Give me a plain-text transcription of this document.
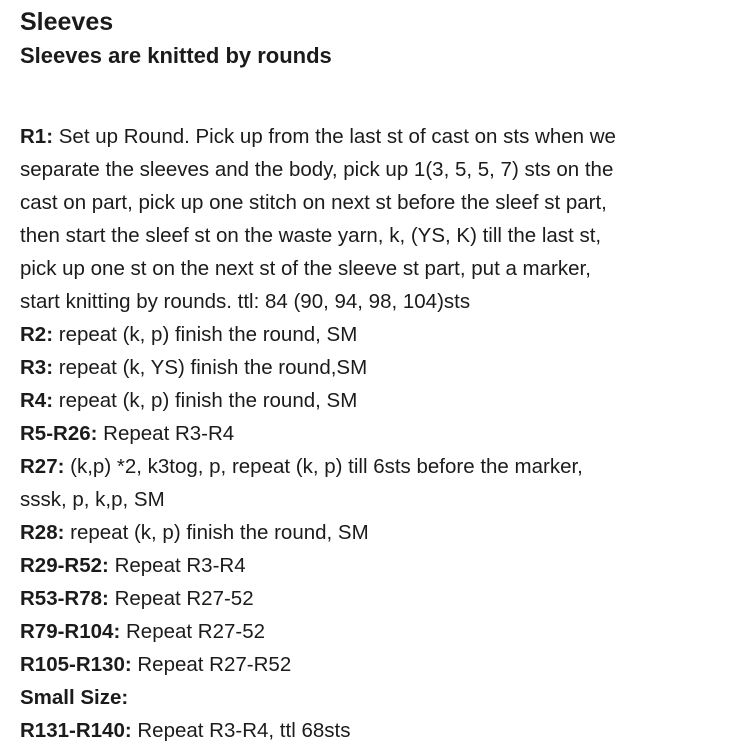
Sleeves
Sleeves are knitted by rounds

R1: Set up Round. Pick up from the last st of cast on sts when we
separate the sleeves and the body, pick up 1(3, 5, 5, 7) sts on the
cast on part, pick up one stitch on next st before the sleef st part,
then start the sleef st on the waste yarn, k, (YS, K) till the last st,
pick up one st on the next st of the sleeve st part, put a marker,
start knitting by rounds. ttl: 84 (90, 94, 98, 104)sts

R2: repeat (k, p) finish the round, SM

R3: repeat (k, YS) finish the round,SM

R4: repeat (k, p) finish the round, SM

R5-R26: Repeat R3-R4

R27: (k,p) *2, k3tog, p, repeat (k, p) till 6sts before the marker,
sssk, p, k,p, SM

R28: repeat (k, p) finish the round, SM

R29-R52: Repeat R3-R4

R53-R78: Repeat R27-52

R79-R104: Repeat R27-52

R105-R130: Repeat R27-R52

Small Size:

R131-R140: Repeat R3-R4, ttl 68sts
